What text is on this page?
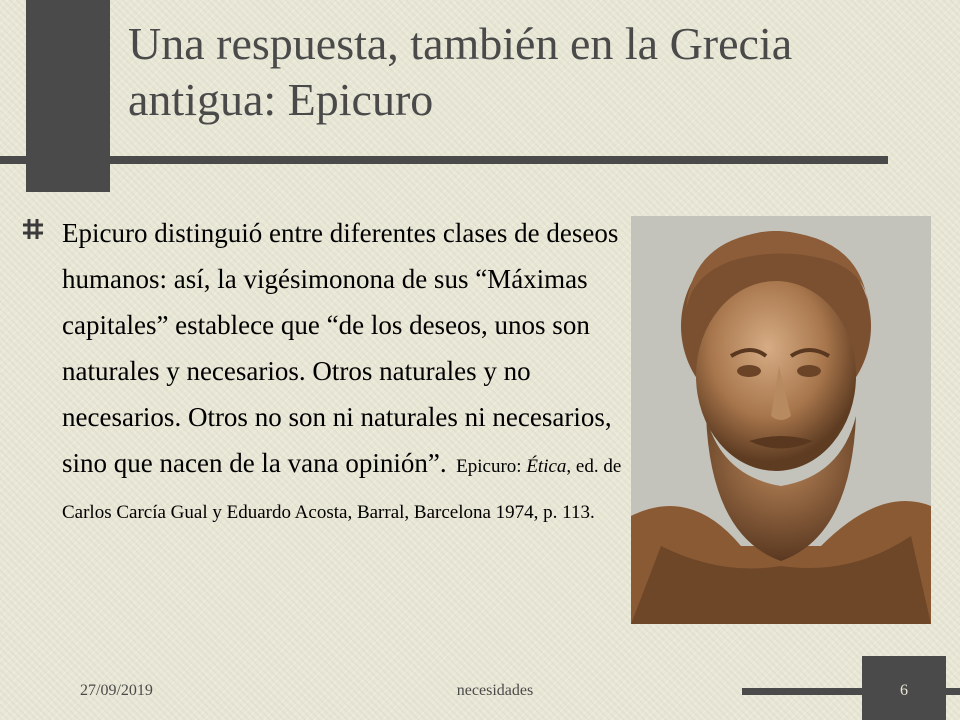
Una respuesta, también en la Grecia antigua: Epicuro

Epicuro distinguió entre diferentes clases de deseos humanos: así, la vigésimonona de sus “Máximas capitales” establece que “de los deseos, unos son naturales y necesarios. Otros naturales y no necesarios. Otros no son ni naturales ni necesarios, sino que nacen de la vana opinión”. Epicuro: Ética, ed. de Carlos Carcía Gual y Eduardo Acosta, Barral, Barcelona 1974, p. 113.

27/09/2019	necesidades	6
